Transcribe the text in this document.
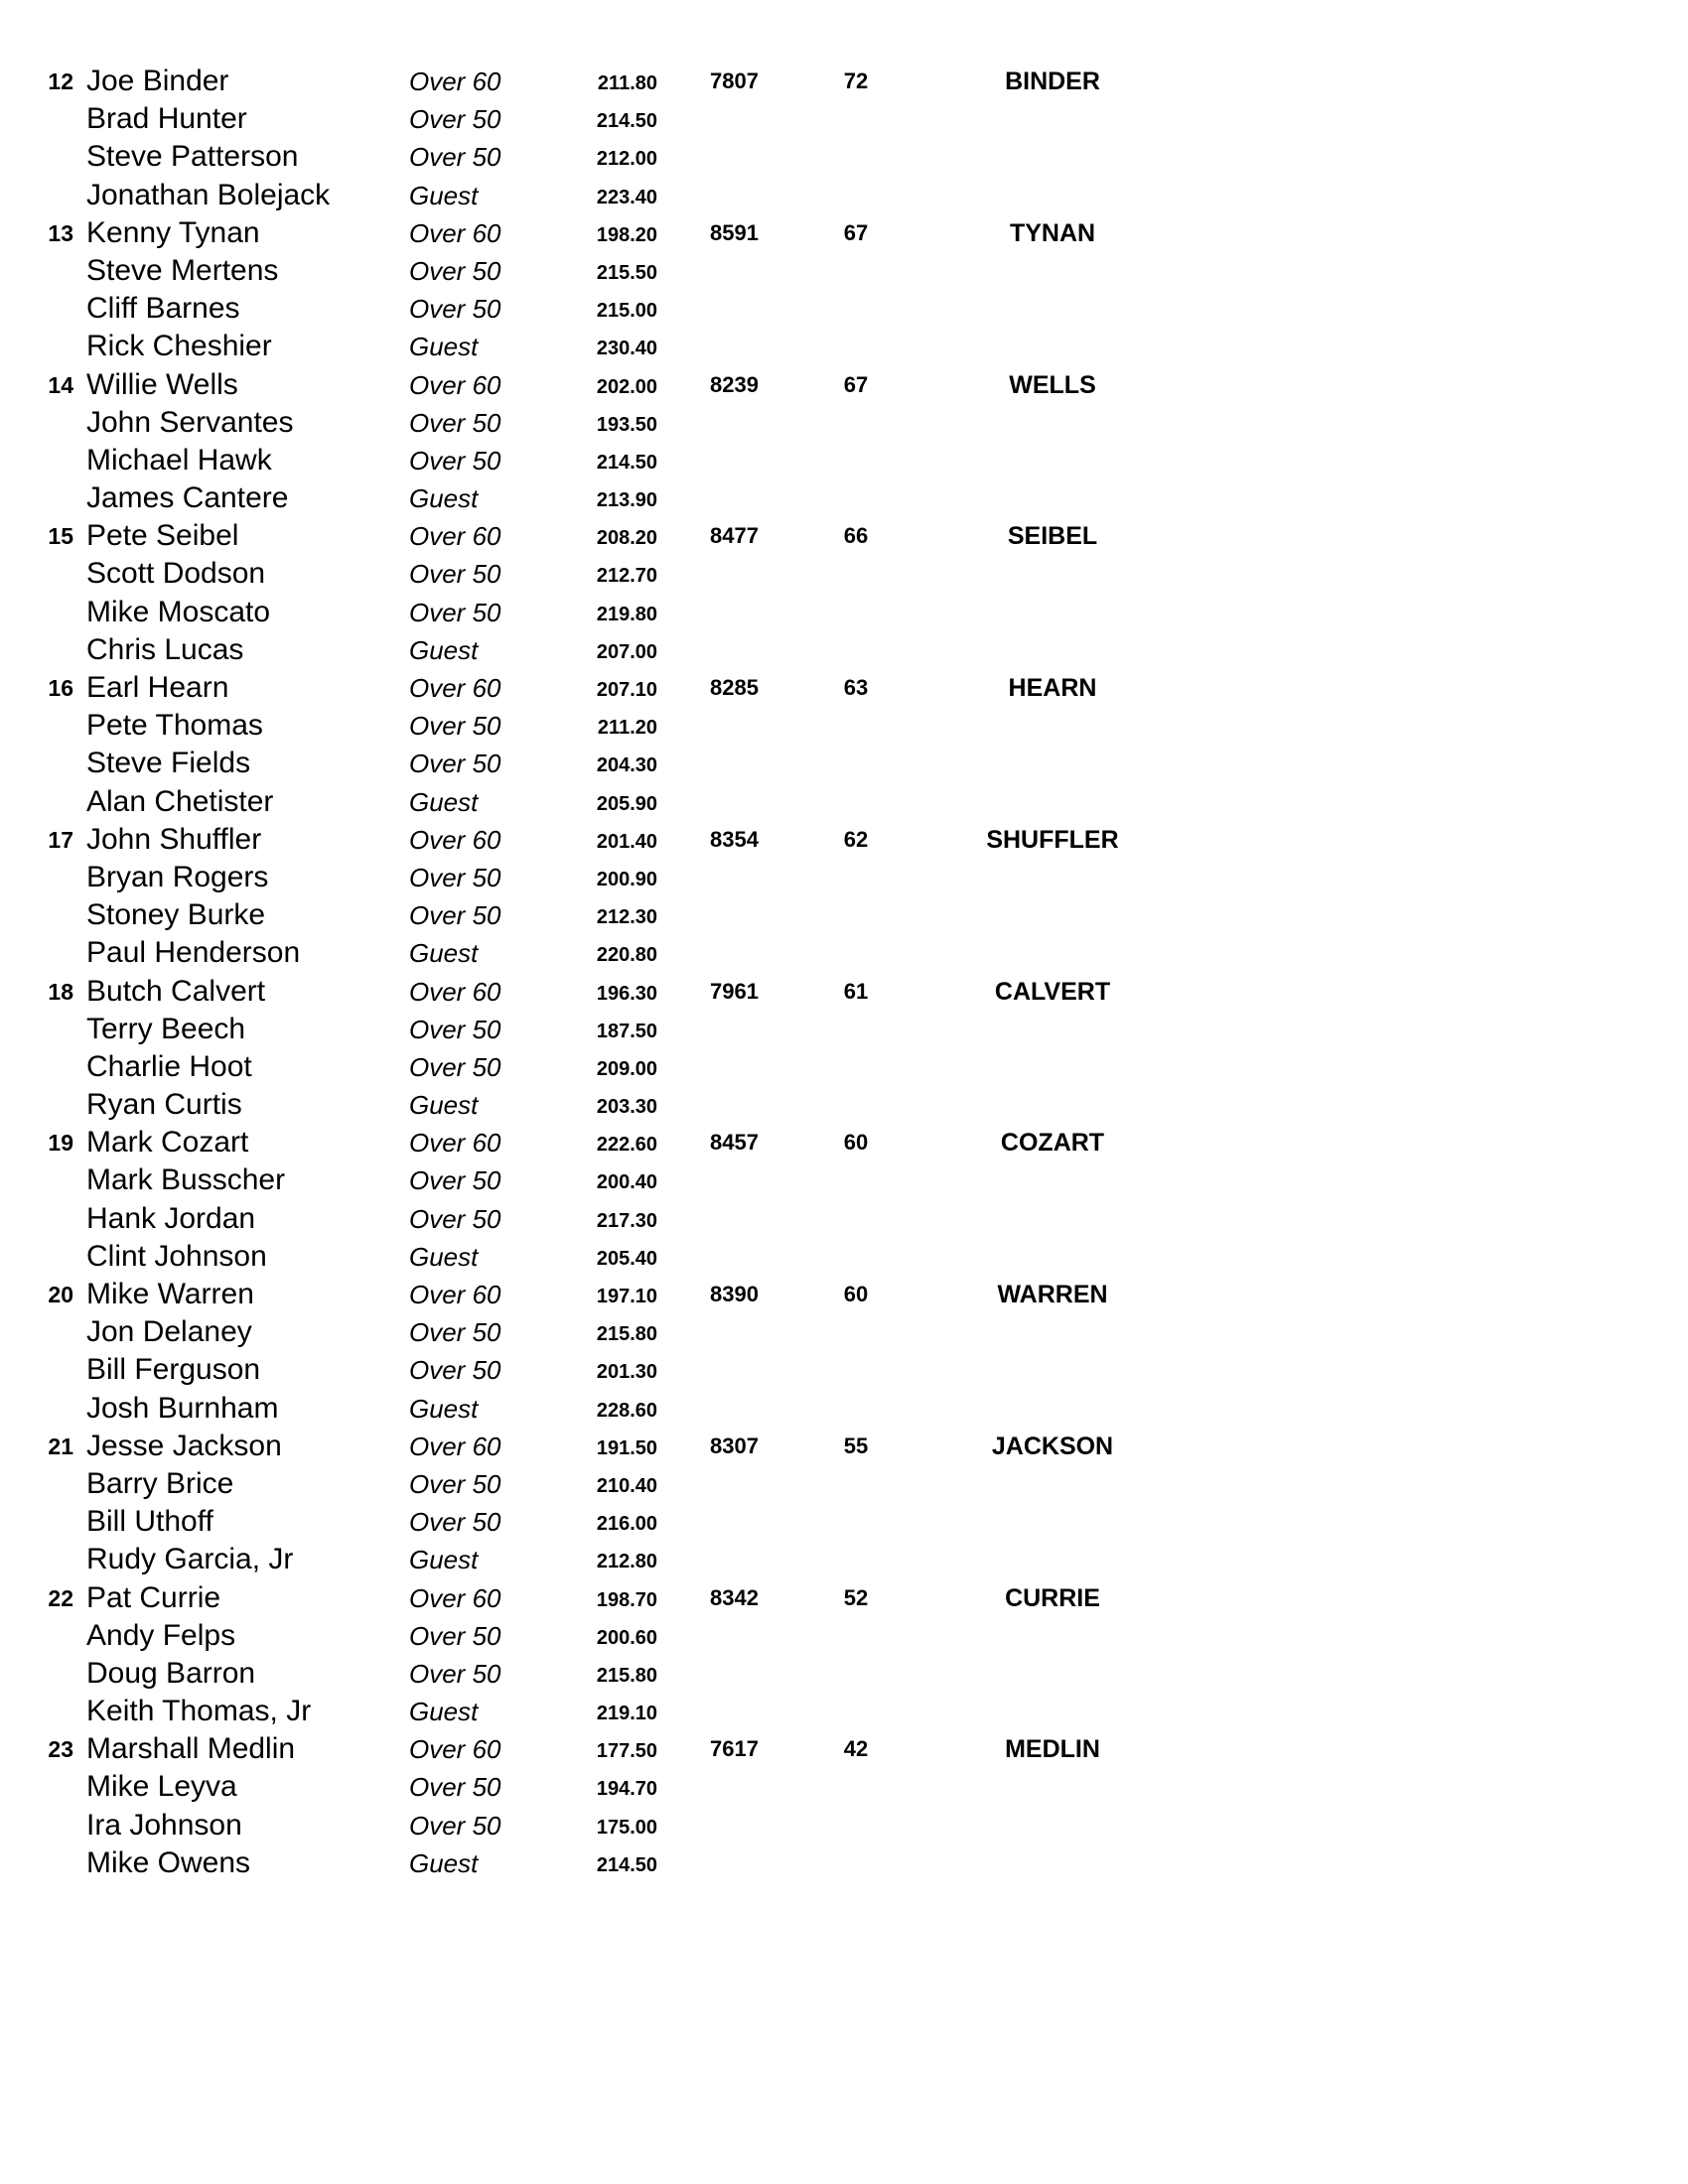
12 Joe Binder	Over 60	211.80	7807	72	BINDER
Brad Hunter	Over 50	214.50
Steve Patterson	Over 50	212.00
Jonathan Bolejack	Guest	223.40
13 Kenny Tynan	Over 60	198.20	8591	67	TYNAN
Steve Mertens	Over 50	215.50
Cliff Barnes	Over 50	215.00
Rick Cheshier	Guest	230.40
14 Willie Wells	Over 60	202.00	8239	67	WELLS
John Servantes	Over 50	193.50
Michael Hawk	Over 50	214.50
James Cantere	Guest	213.90
15 Pete Seibel	Over 60	208.20	8477	66	SEIBEL
Scott Dodson	Over 50	212.70
Mike Moscato	Over 50	219.80
Chris Lucas	Guest	207.00
16 Earl Hearn	Over 60	207.10	8285	63	HEARN
Pete Thomas	Over 50	211.20
Steve Fields	Over 50	204.30
Alan Chetister	Guest	205.90
17 John Shuffler	Over 60	201.40	8354	62	SHUFFLER
Bryan Rogers	Over 50	200.90
Stoney Burke	Over 50	212.30
Paul Henderson	Guest	220.80
18 Butch Calvert	Over 60	196.30	7961	61	CALVERT
Terry Beech	Over 50	187.50
Charlie Hoot	Over 50	209.00
Ryan Curtis	Guest	203.30
19 Mark Cozart	Over 60	222.60	8457	60	COZART
Mark Busscher	Over 50	200.40
Hank Jordan	Over 50	217.30
Clint Johnson	Guest	205.40
20 Mike Warren	Over 60	197.10	8390	60	WARREN
Jon Delaney	Over 50	215.80
Bill Ferguson	Over 50	201.30
Josh Burnham	Guest	228.60
21 Jesse Jackson	Over 60	191.50	8307	55	JACKSON
Barry Brice	Over 50	210.40
Bill Uthoff	Over 50	216.00
Rudy Garcia, Jr	Guest	212.80
22 Pat Currie	Over 60	198.70	8342	52	CURRIE
Andy Felps	Over 50	200.60
Doug Barron	Over 50	215.80
Keith Thomas, Jr	Guest	219.10
23 Marshall Medlin	Over 60	177.50	7617	42	MEDLIN
Mike Leyva	Over 50	194.70
Ira Johnson	Over 50	175.00
Mike Owens	Guest	214.50
